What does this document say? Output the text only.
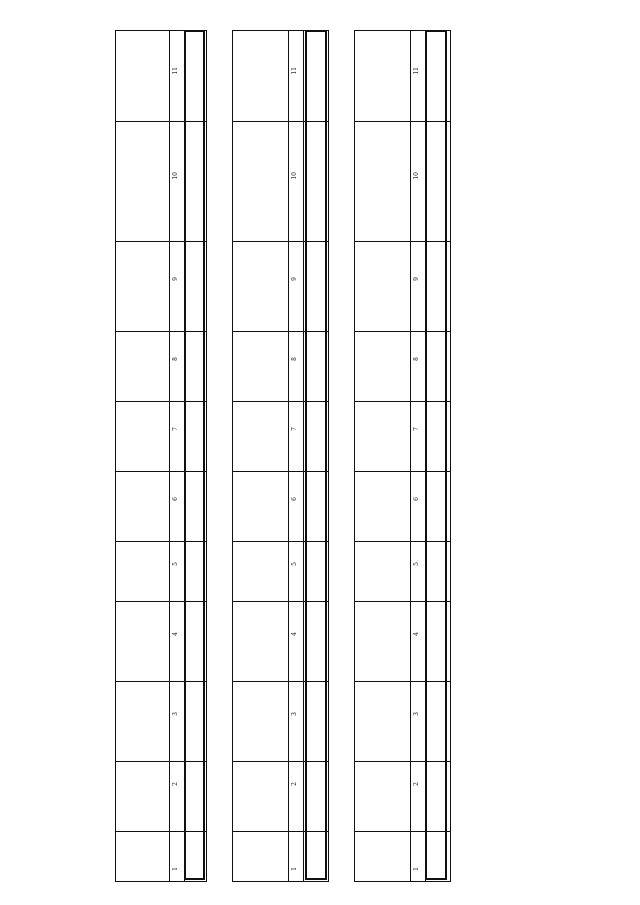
1
2
3
4
5
6
7
8
9
10
11
1
2
3
4
5
6
7
8
9
10
11
1
2
3
4
5
6
7
8
9
10
11
